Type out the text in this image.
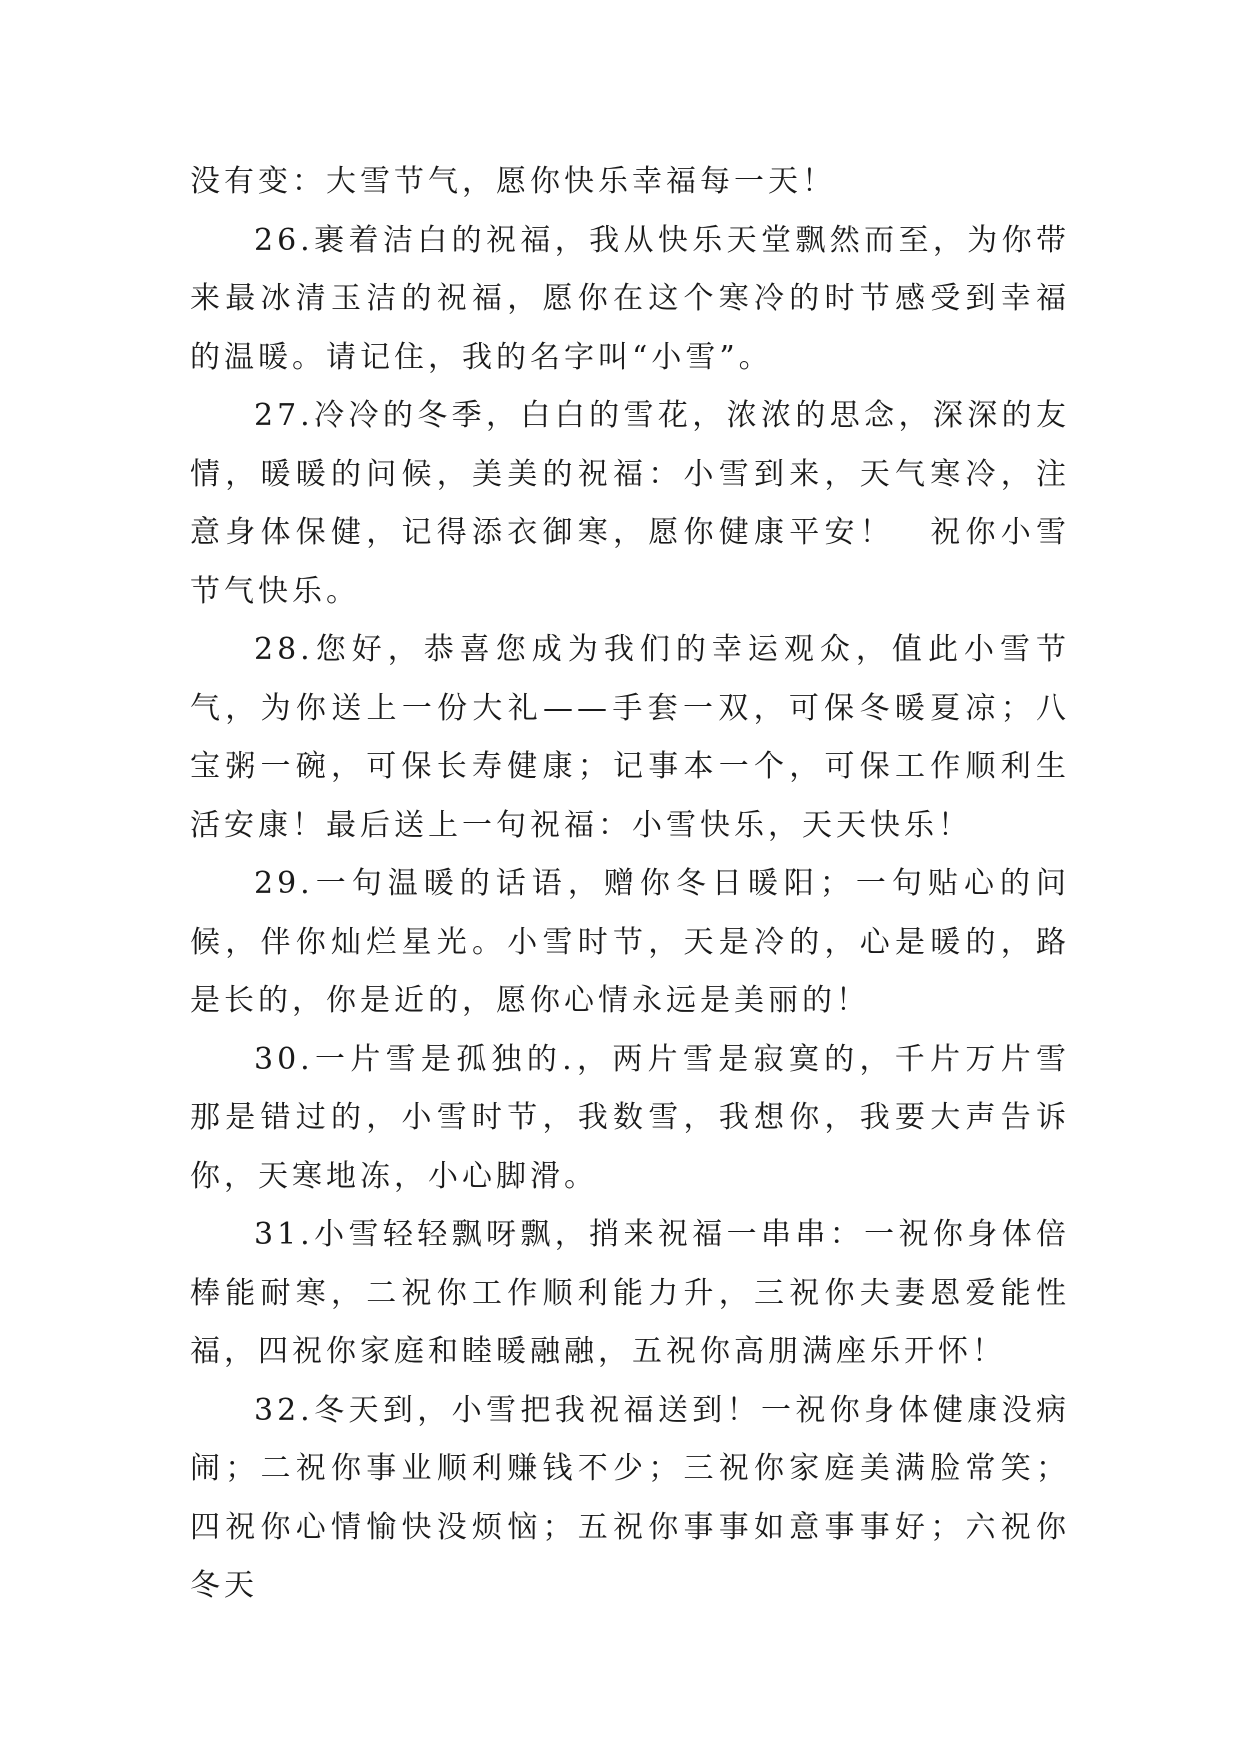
没有变：大雪节气，愿你快乐幸福每一天！

26.裹着洁白的祝福，我从快乐天堂飘然而至，为你带来最冰清玉洁的祝福，愿你在这个寒冷的时节感受到幸福的温暖。请记住，我的名字叫“小雪”。

27.冷冷的冬季，白白的雪花，浓浓的思念，深深的友情，暖暖的问候，美美的祝福：小雪到来，天气寒冷，注意身体保健，记得添衣御寒，愿你健康平安！　祝你小雪节气快乐。

28.您好，恭喜您成为我们的幸运观众，值此小雪节气，为你送上一份大礼——手套一双，可保冬暖夏凉；八宝粥一碗，可保长寿健康；记事本一个，可保工作顺利生活安康！最后送上一句祝福：小雪快乐，天天快乐！

29.一句温暖的话语，赠你冬日暖阳；一句贴心的问候，伴你灿烂星光。小雪时节，天是冷的，心是暖的，路是长的，你是近的，愿你心情永远是美丽的！

30.一片雪是孤独的.，两片雪是寂寞的，千片万片雪那是错过的，小雪时节，我数雪，我想你，我要大声告诉你，天寒地冻，小心脚滑。

31.小雪轻轻飘呀飘，捎来祝福一串串：一祝你身体倍棒能耐寒，二祝你工作顺利能力升，三祝你夫妻恩爱能性福，四祝你家庭和睦暖融融，五祝你高朋满座乐开怀！

32.冬天到，小雪把我祝福送到！一祝你身体健康没病闹；二祝你事业顺利赚钱不少；三祝你家庭美满脸常笑；四祝你心情愉快没烦恼；五祝你事事如意事事好；六祝你冬天
